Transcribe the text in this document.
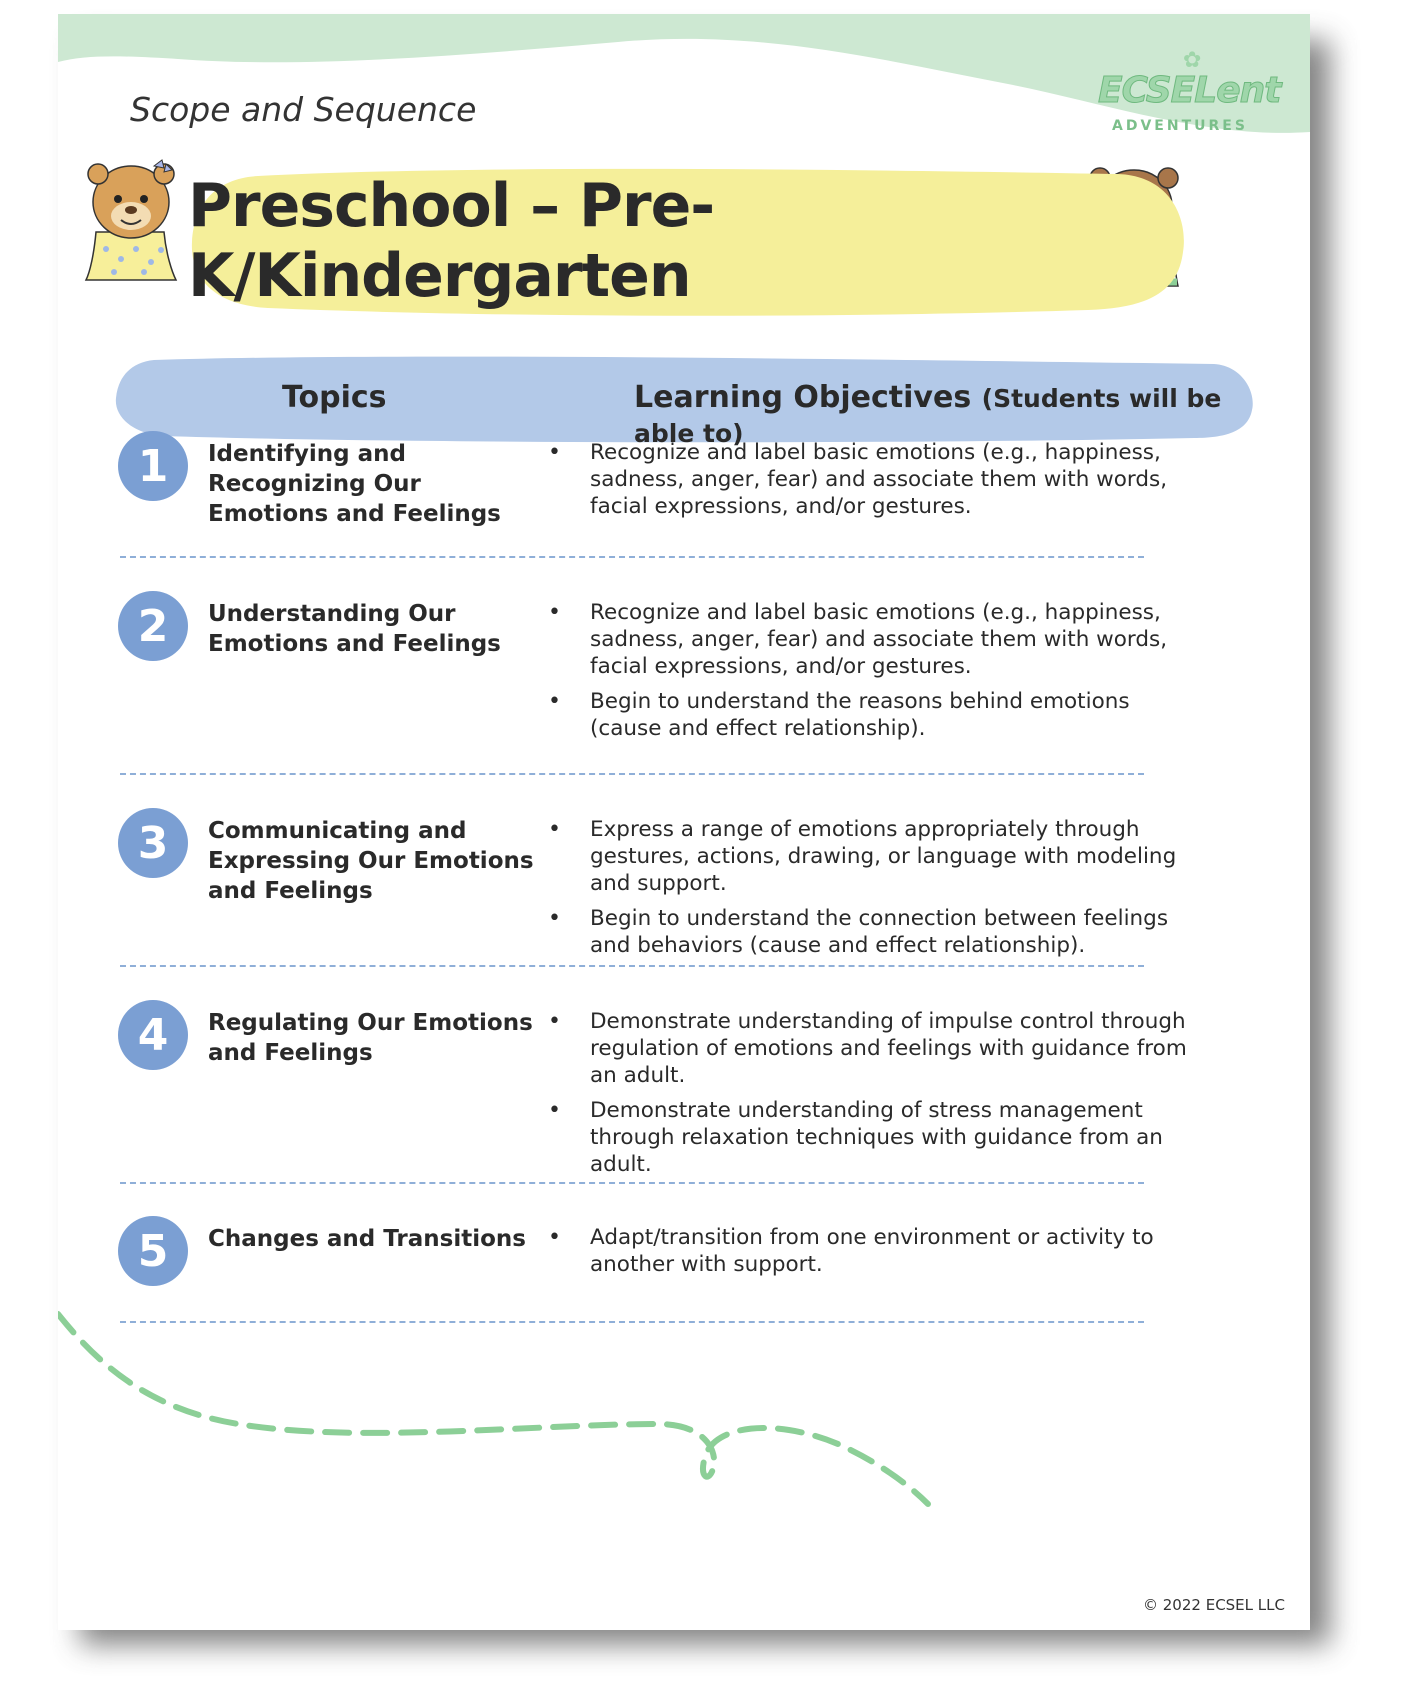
Scope and Sequence
✿
ECSELent
ADVENTURES
Preschool – Pre-K/Kindergarten
Topics	Learning Objectives (Students will be able to)
1	Identifying and Recognizing Our Emotions and Feelings
• Recognize and label basic emotions (e.g., happiness, sadness, anger, fear) and associate them with words, facial expressions, and/or gestures.
2	Understanding Our Emotions and Feelings
• Recognize and label basic emotions (e.g., happiness, sadness, anger, fear) and associate them with words, facial expressions, and/or gestures.
• Begin to understand the reasons behind emotions (cause and effect relationship).
3	Communicating and Expressing Our Emotions and Feelings
• Express a range of emotions appropriately through gestures, actions, drawing, or language with modeling and support.
• Begin to understand the connection between feelings and behaviors (cause and effect relationship).
4	Regulating Our Emotions and Feelings
• Demonstrate understanding of impulse control through regulation of emotions and feelings with guidance from an adult.
• Demonstrate understanding of stress management through relaxation techniques with guidance from an adult.
5	Changes and Transitions
•	Adapt/transition from one environment or activity to another with support.
© 2022 ECSEL LLC
